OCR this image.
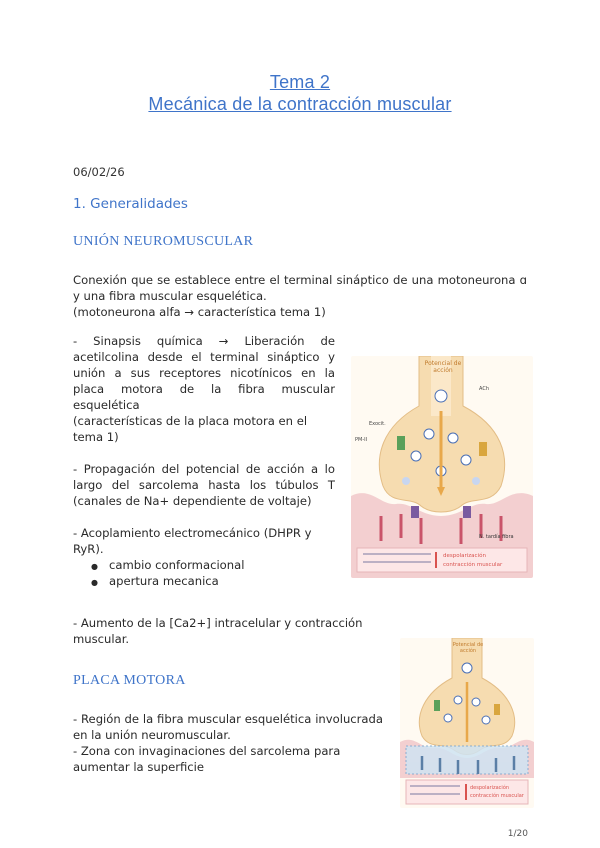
Tema 2
Mecánica de la contracción muscular
06/02/26
1. Generalidades
UNIÓN NEUROMUSCULAR

Conexión que se establece entre el terminal sináptico de una motoneurona ɑ y una fibra muscular esquelética.

(motoneurona alfa → característica tema 1)

- Sinapsis química → Liberación de acetilcolina desde el terminal sináptico y unión a sus receptores nicotínicos en la placa motora de la fibra muscular esquelética

(características de la placa motora en el tema 1)

- Propagación del potencial de acción a lo largo del sarcolema hasta los túbulos T (canales de Na+ dependiente de voltaje)

- Acoplamiento electromecánico (DHPR y RyR).

● cambio conformacional
● apertura mecanica

- Aumento de la [Ca2+] intracelular y contracción muscular.

Potencial de acción
ACh
Exocit.
PM-II
N. tardía fibra
despolarización
contracción muscular
PLACA MOTORA

- Región de la fibra muscular esquelética involucrada en la unión neuromuscular.

- Zona con invaginaciones del sarcolema para aumentar la superficie

Potencial de acción
despolarización
contracción muscular
1/20
